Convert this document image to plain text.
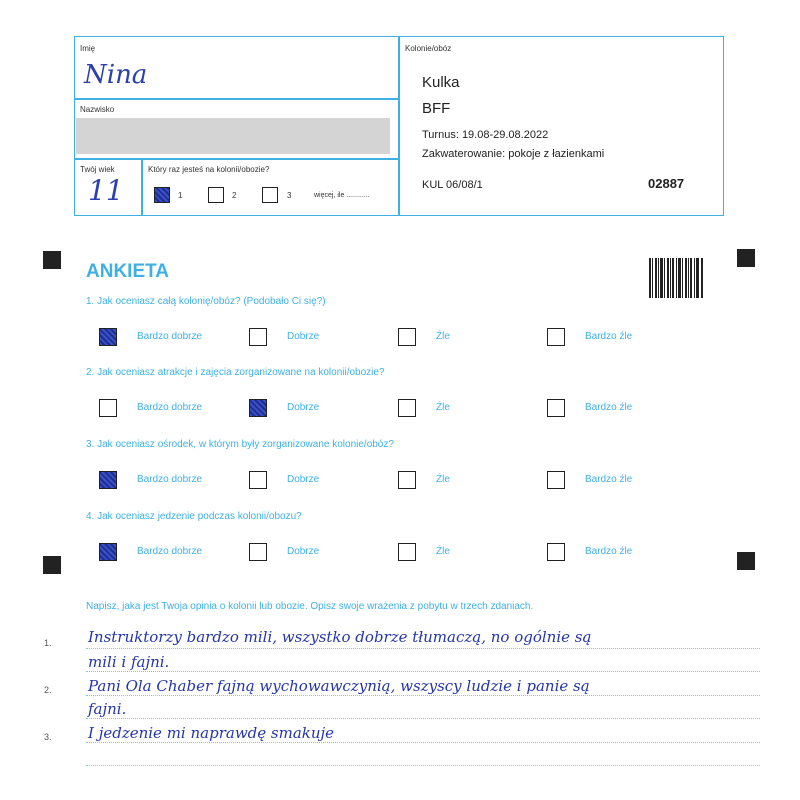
Imię
Nina
Nazwisko
Twój wiek
11
Który raz jesteś na kolonii/obozie?
1	2	3	więcej, ile ............
Kolonie/obóz
Kulka
BFF
Turnus: 19.08-29.08.2022
Zakwaterowanie: pokoje z łazienkami
KUL 06/08/1	02887
ANKIETA
1. Jak oceniasz całą kolonię/obóz? (Podobało Ci się?)
Bardzo dobrze	Dobrze	Źle	Bardzo źle
2. Jak oceniasz atrakcje i zajęcia zorganizowane na kolonii/obozie?
Bardzo dobrze	Dobrze	Źle	Bardzo źle
3. Jak oceniasz ośrodek, w którym były zorganizowane kolonie/obóz?
Bardzo dobrze	Dobrze	Źle	Bardzo źle
4. Jak oceniasz jedzenie podczas kolonii/obozu?
Bardzo dobrze	Dobrze	Źle	Bardzo źle
Napisz, jaka jest Twoja opinia o kolonii lub obozie. Opisz swoje wrażenia z pobytu w trzech zdaniach.
1.
2.
3.
Instruktorzy bardzo mili, wszystko dobrze tłumaczą, no ogólnie są
mili i fajni.
Pani Ola Chaber fajną wychowawczynią, wszyscy ludzie i panie są
fajni.
I jedzenie mi naprawdę smakuje
